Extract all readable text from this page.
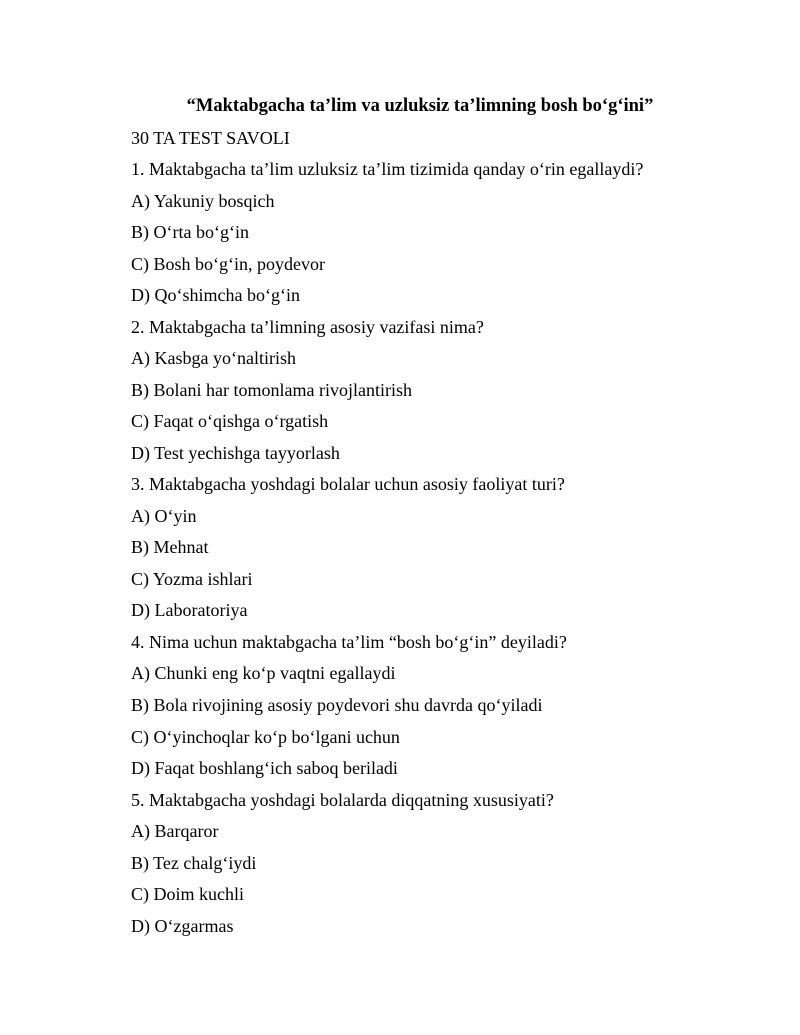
“Maktabgacha ta’lim va uzluksiz ta’limning bosh bo‘g‘ini”
30 TA TEST SAVOLI
1. Maktabgacha ta’lim uzluksiz ta’lim tizimida qanday o‘rin egallaydi?
A) Yakuniy bosqich
B) O‘rta bo‘g‘in
C) Bosh bo‘g‘in, poydevor
D) Qo‘shimcha bo‘g‘in
2. Maktabgacha ta’limning asosiy vazifasi nima?
A) Kasbga yo‘naltirish
B) Bolani har tomonlama rivojlantirish
C) Faqat o‘qishga o‘rgatish
D) Test yechishga tayyorlash
3. Maktabgacha yoshdagi bolalar uchun asosiy faoliyat turi?
A) O‘yin
B) Mehnat
C) Yozma ishlari
D) Laboratoriya
4. Nima uchun maktabgacha ta’lim “bosh bo‘g‘in” deyiladi?
A) Chunki eng ko‘p vaqtni egallaydi
B) Bola rivojining asosiy poydevori shu davrda qo‘yiladi
C) O‘yinchoqlar ko‘p bo‘lgani uchun
D) Faqat boshlang‘ich saboq beriladi
5. Maktabgacha yoshdagi bolalarda diqqatning xususiyati?
A) Barqaror
B) Tez chalg‘iydi
C) Doim kuchli
D) O‘zgarmas
